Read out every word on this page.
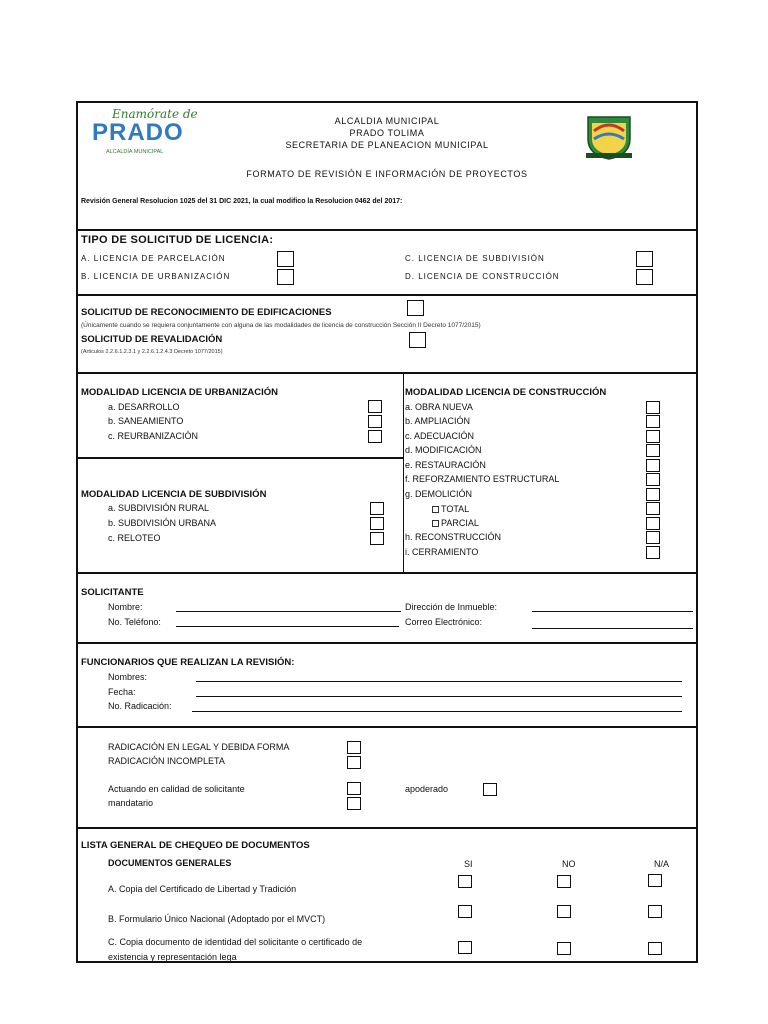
Enamórate de
PRADO
ALCALDÍA MUNICIPAL
ALCALDIA MUNICIPAL
PRADO TOLIMA
SECRETARIA DE PLANEACION MUNICIPAL
FORMATO DE REVISIÓN E INFORMACIÓN DE PROYECTOS
Revisión General Resolucion 1025 del 31 DIC 2021, la cual modifico la Resolucion 0462 del 2017:
TIPO DE SOLICITUD DE LICENCIA:
A. LICENCIA DE PARCELACIÓN
B. LICENCIA DE URBANIZACIÓN
C. LICENCIA DE SUBDIVISIÓN
D. LICENCIA DE CONSTRUCCIÓN
SOLICITUD DE RECONOCIMIENTO DE EDIFICACIONES
(Únicamente cuando se requiera conjuntamente con alguna de las modalidades de licencia de construcción Sección II Decreto 1077/2015)
SOLICITUD DE REVALIDACIÓN
(Articulos 2.2.6.1.2.3.1 y 2.2.6.1.2.4.3 Decreto 1077/2015)
MODALIDAD LICENCIA DE URBANIZACIÓN
a. DESARROLLO
b. SANEAMIENTO
c. REURBANIZACIÓN
MODALIDAD LICENCIA DE SUBDIVISIÓN
a. SUBDIVISIÓN RURAL
b. SUBDIVISIÓN URBANA
c. RELOTEO
MODALIDAD LICENCIA DE CONSTRUCCIÓN
a. OBRA NUEVA
b. AMPLIACIÓN
c. ADECUACIÓN
d. MODIFICACIÓN
e. RESTAURACIÓN
f. REFORZAMIENTO ESTRUCTURAL
g. DEMOLICIÓN
TOTAL
PARCIAL
h. RECONSTRUCCIÓN
i. CERRAMIENTO
SOLICITANTE
Nombre:
No. Teléfono:
Dirección de Inmueble:
Correo Electrónico:
FUNCIONARIOS QUE REALIZAN LA REVISIÓN:
Nombres:
Fecha:
No. Radicación:
RADICACIÓN EN LEGAL Y DEBIDA FORMA
RADICACIÓN INCOMPLETA
Actuando en calidad de solicitante
mandatario
apoderado
LISTA GENERAL DE CHEQUEO DE DOCUMENTOS
DOCUMENTOS GENERALES	SI	NO	N/A
A. Copia del Certificado de Libertad y Tradición
B. Formulario Único Nacional (Adoptado por el MVCT)
C. Copia documento de identidad del solicitante o certificado de
existencia y representación lega
